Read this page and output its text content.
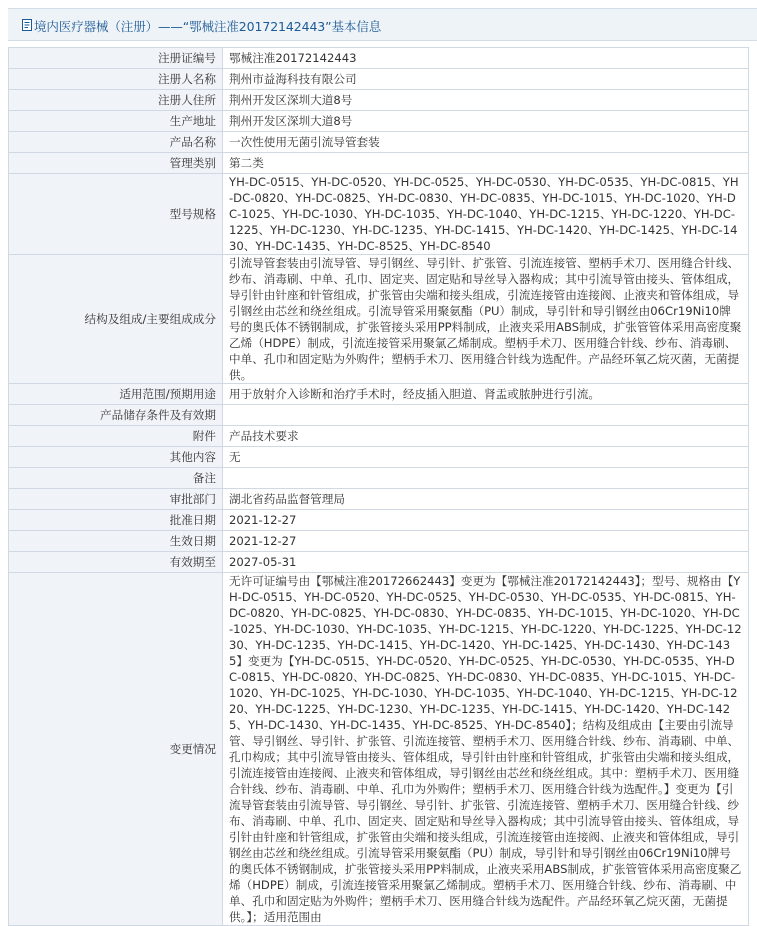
境内医疗器械（注册）——“鄂械注准20172142443”基本信息
注册证编号	鄂械注准20172142443
注册人名称	荆州市益海科技有限公司
注册人住所	荆州开发区深圳大道8号
生产地址	荆州开发区深圳大道8号
产品名称	一次性使用无菌引流导管套装
管理类别	第二类
型号规格	YH-DC-0515、YH-DC-0520、YH-DC-0525、YH-DC-0530、YH-DC-0535、YH-DC-0815、YH-DC-0820、YH-DC-0825、YH-DC-0830、YH-DC-0835、YH-DC-1015、YH-DC-1020、YH-DC-1025、YH-DC-1030、YH-DC-1035、YH-DC-1040、YH-DC-1215、YH-DC-1220、YH-DC-1225、YH-DC-1230、YH-DC-1235、YH-DC-1415、YH-DC-1420、YH-DC-1425、YH-DC-1430、YH-DC-1435、YH-DC-8525、YH-DC-8540
结构及组成/主要组成成分	引流导管套装由引流导管、导引钢丝、导引针、扩张管、引流连接管、塑柄手术刀、医用缝合针线、纱布、消毒刷、中单、孔巾、固定夹、固定贴和导丝导入器构成；其中引流导管由接头、管体组成，导引针由针座和针管组成，扩张管由尖端和接头组成，引流连接管由连接阀、止液夹和管体组成，导引钢丝由芯丝和绕丝组成。引流导管采用聚氨酯（PU）制成，导引针和导引钢丝由06Cr19Ni10牌号的奥氏体不锈钢制成，扩张管接头采用PP料制成，止液夹采用ABS制成，扩张管管体采用高密度聚乙烯（HDPE）制成，引流连接管采用聚氯乙烯制成。塑柄手术刀、医用缝合针线、纱布、消毒刷、中单、孔巾和固定贴为外购件；塑柄手术刀、医用缝合针线为选配件。产品经环氧乙烷灭菌，无菌提供。
适用范围/预期用途	用于放射介入诊断和治疗手术时，经皮插入胆道、肾盂或脓肿进行引流。
产品储存条件及有效期	
附件	产品技术要求
其他内容	无
备注	
审批部门	湖北省药品监督管理局
批准日期	2021-12-27
生效日期	2021-12-27
有效期至	2027-05-31
变更情况	无许可证编号由【鄂械注准20172662443】变更为【鄂械注准20172142443】；型号、规格由【YH-DC-0515、YH-DC-0520、YH-DC-0525、YH-DC-0530、YH-DC-0535、YH-DC-0815、YH-DC-0820、YH-DC-0825、YH-DC-0830、YH-DC-0835、YH-DC-1015、YH-DC-1020、YH-DC-1025、YH-DC-1030、YH-DC-1035、YH-DC-1215、YH-DC-1220、YH-DC-1225、YH-DC-1230、YH-DC-1235、YH-DC-1415、YH-DC-1420、YH-DC-1425、YH-DC-1430、YH-DC-1435】变更为【YH-DC-0515、YH-DC-0520、YH-DC-0525、YH-DC-0530、YH-DC-0535、YH-DC-0815、YH-DC-0820、YH-DC-0825、YH-DC-0830、YH-DC-0835、YH-DC-1015、YH-DC-1020、YH-DC-1025、YH-DC-1030、YH-DC-1035、YH-DC-1040、YH-DC-1215、YH-DC-1220、YH-DC-1225、YH-DC-1230、YH-DC-1235、YH-DC-1415、YH-DC-1420、YH-DC-1425、YH-DC-1430、YH-DC-1435、YH-DC-8525、YH-DC-8540】；结构及组成由【主要由引流导管、导引钢丝、导引针、扩张管、引流连接管、塑柄手术刀、医用缝合针线、纱布、消毒刷、中单、孔巾构成；其中引流导管由接头、管体组成，导引针由针座和针管组成，扩张管由尖端和接头组成，引流连接管由连接阀、止液夹和管体组成，导引钢丝由芯丝和绕丝组成。其中：塑柄手术刀、医用缝合针线、纱布、消毒刷、中单、孔巾为外购件；塑柄手术刀、医用缝合针线为选配件。】变更为【引流导管套装由引流导管、导引钢丝、导引针、扩张管、引流连接管、塑柄手术刀、医用缝合针线、纱布、消毒刷、中单、孔巾、固定夹、固定贴和导丝导入器构成；其中引流导管由接头、管体组成，导引针由针座和针管组成，扩张管由尖端和接头组成，引流连接管由连接阀、止液夹和管体组成，导引钢丝由芯丝和绕丝组成。引流导管采用聚氨酯（PU）制成，导引针和导引钢丝由06Cr19Ni10牌号的奥氏体不锈钢制成，扩张管接头采用PP料制成，止液夹采用ABS制成，扩张管管体采用高密度聚乙烯（HDPE）制成，引流连接管采用聚氯乙烯制成。塑柄手术刀、医用缝合针线、纱布、消毒刷、中单、孔巾和固定贴为外购件；塑柄手术刀、医用缝合针线为选配件。产品经环氧乙烷灭菌，无菌提供。】；适用范围由
